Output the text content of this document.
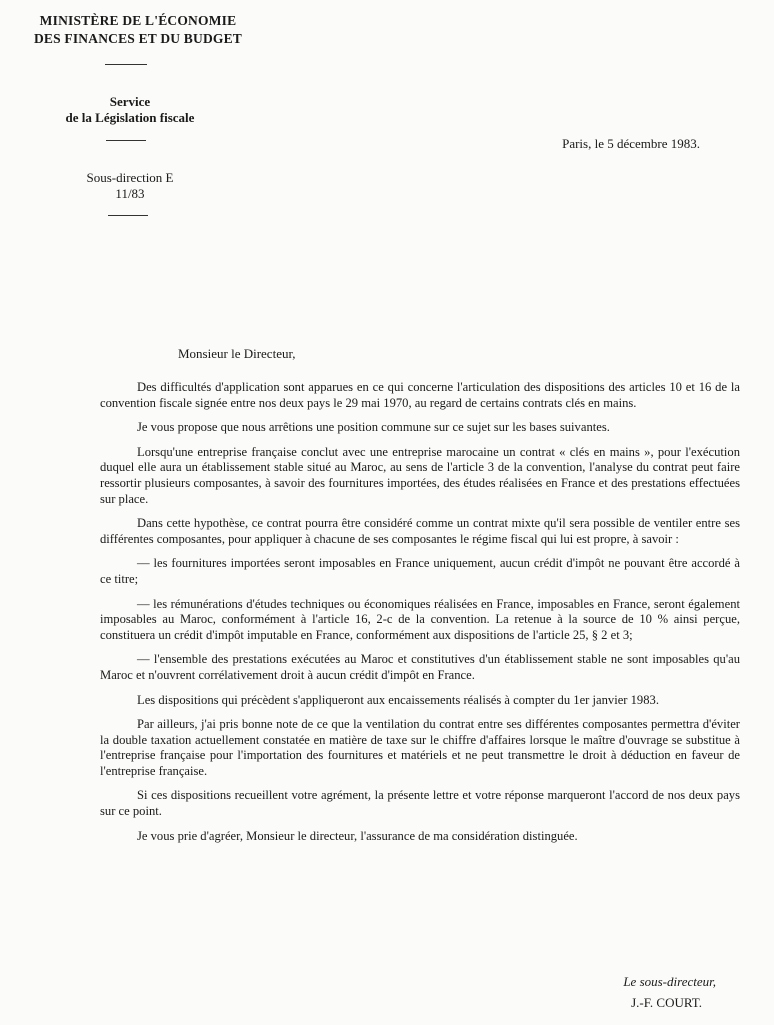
MINISTÈRE DE L'ÉCONOMIE
DES FINANCES ET DU BUDGET
Service
de la Législation fiscale
Sous-direction E
11/83
Paris, le 5 décembre 1983.
Monsieur le Directeur,

Des difficultés d'application sont apparues en ce qui concerne l'articulation des dispositions des articles 10 et 16 de la convention fiscale signée entre nos deux pays le 29 mai 1970, au regard de certains contrats clés en mains.

Je vous propose que nous arrêtions une position commune sur ce sujet sur les bases suivantes.

Lorsqu'une entreprise française conclut avec une entreprise marocaine un contrat « clés en mains », pour l'exécution duquel elle aura un établissement stable situé au Maroc, au sens de l'article 3 de la convention, l'analyse du contrat peut faire ressortir plusieurs composantes, à savoir des fournitures importées, des études réalisées en France et des prestations effectuées sur place.

Dans cette hypothèse, ce contrat pourra être considéré comme un contrat mixte qu'il sera possible de ventiler entre ses différentes composantes, pour appliquer à chacune de ses composantes le régime fiscal qui lui est propre, à savoir :

— les fournitures importées seront imposables en France uniquement, aucun crédit d'impôt ne pouvant être accordé à ce titre;

— les rémunérations d'études techniques ou économiques réalisées en France, imposables en France, seront également imposables au Maroc, conformément à l'article 16, 2-c de la convention. La retenue à la source de 10 % ainsi perçue, constituera un crédit d'impôt imputable en France, conformément aux dispositions de l'article 25, § 2 et 3;

— l'ensemble des prestations exécutées au Maroc et constitutives d'un établissement stable ne sont imposables qu'au Maroc et n'ouvrent corrélativement droit à aucun crédit d'impôt en France.

Les dispositions qui précèdent s'appliqueront aux encaissements réalisés à compter du 1er janvier 1983.

Par ailleurs, j'ai pris bonne note de ce que la ventilation du contrat entre ses différentes composantes permettra d'éviter la double taxation actuellement constatée en matière de taxe sur le chiffre d'affaires lorsque le maître d'ouvrage se substitue à l'entreprise française pour l'importation des fournitures et matériels et ne peut transmettre le droit à déduction en faveur de l'entreprise française.

Si ces dispositions recueillent votre agrément, la présente lettre et votre réponse marqueront l'accord de nos deux pays sur ce point.

Je vous prie d'agréer, Monsieur le directeur, l'assurance de ma considération distinguée.

Le sous-directeur,
J.-F. COURT.
